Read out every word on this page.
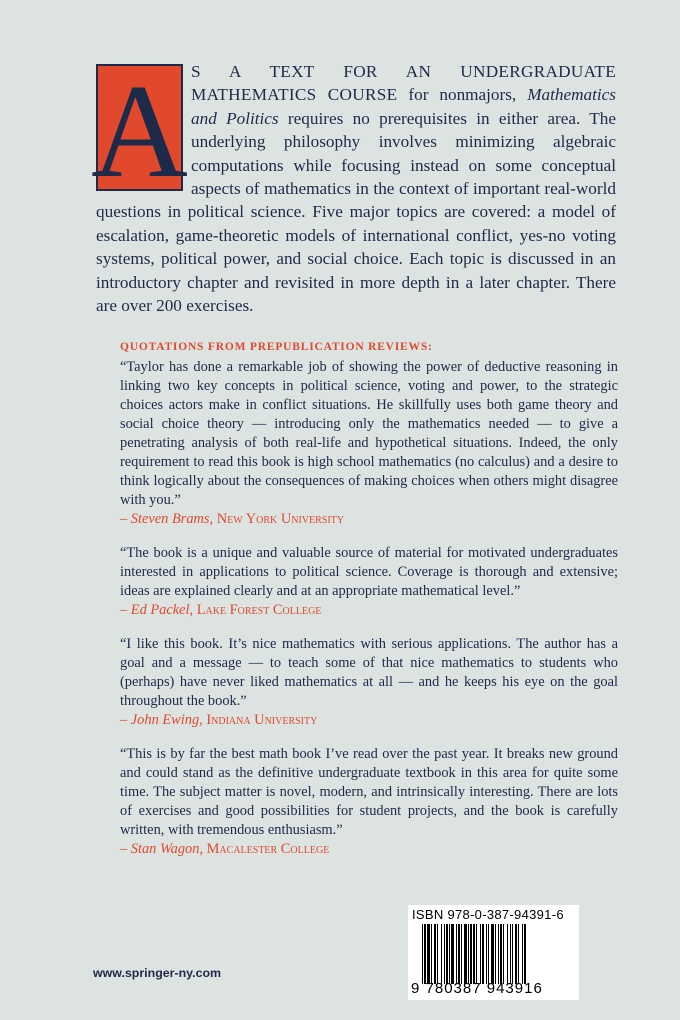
A S A TEXT FOR AN UNDERGRADUATE MATHEMATICS COURSE for nonmajors, Mathematics and Politics requires no prerequisites in either area. The underlying philosophy involves minimizing algebraic computations while focusing instead on some conceptual aspects of mathematics in the context of important real-world questions in political science. Five major topics are covered: a model of escalation, game-theoretic models of international conflict, yes-no voting systems, political power, and social choice. Each topic is discussed in an introductory chapter and revisited in more depth in a later chapter. There are over 200 exercises.
QUOTATIONS FROM PREPUBLICATION REVIEWS:
“Taylor has done a remarkable job of showing the power of deductive reasoning in linking two key concepts in political science, voting and power, to the strategic choices actors make in conflict situations. He skillfully uses both game theory and social choice theory — introducing only the mathematics needed — to give a penetrating analysis of both real-life and hypothetical situations. Indeed, the only requirement to read this book is high school mathematics (no calculus) and a desire to think logically about the consequences of making choices when others might disagree with you.”
– Steven Brams, New York University
“The book is a unique and valuable source of material for motivated undergraduates interested in applications to political science. Coverage is thorough and extensive; ideas are explained clearly and at an appropriate mathematical level.”
– Ed Packel, Lake Forest College
“I like this book. It’s nice mathematics with serious applications. The author has a goal and a message — to teach some of that nice mathematics to students who (perhaps) have never liked mathematics at all — and he keeps his eye on the goal throughout the book.”
– John Ewing, Indiana University
“This is by far the best math book I’ve read over the past year. It breaks new ground and could stand as the definitive undergraduate textbook in this area for quite some time. The subject matter is novel, modern, and intrinsically interesting. There are lots of exercises and good possibilities for student projects, and the book is carefully written, with tremendous enthusiasm.”
– Stan Wagon, Macalester College
www.springer-ny.com
ISBN 978-0-387-94391-6
9 780387 943916
